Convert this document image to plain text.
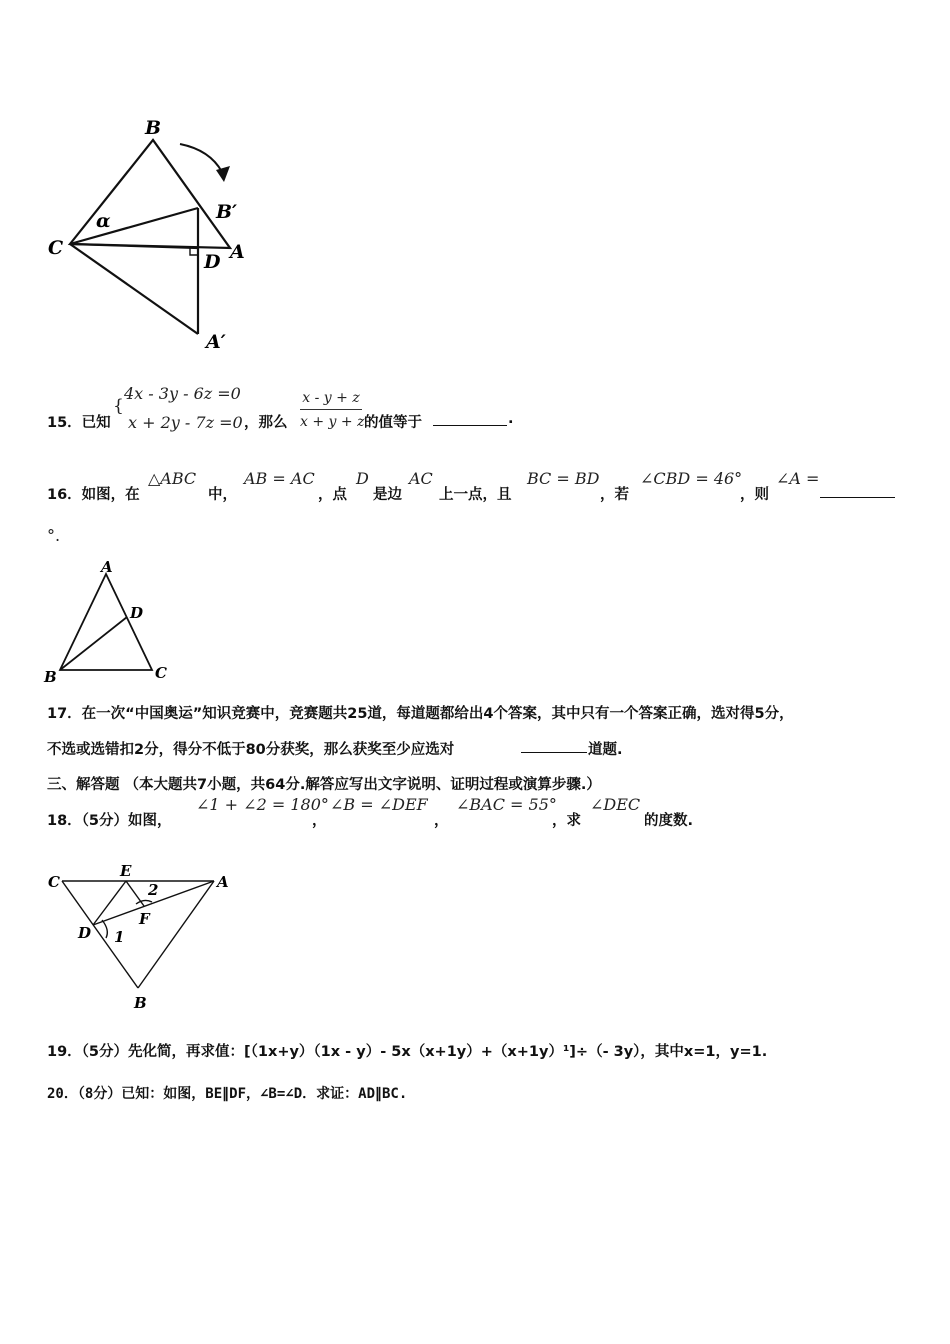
B
B′
C
D A
A′
α
15．已知
{
4x - 3y - 6z =0
x + 2y - 7z =0 ，那么
x - y + z
x + y + z 的值等于	.
16．如图，在
△ABC
中，
AB = AC
，点
D
是边
AC
上一点，且
BC = BD
，若
∠CBD = 46°
，则
∠A =
°.
A
D
B	C
17．在一次“中国奥运”知识竞赛中，竞赛题共25道，每道题都给出4个答案，其中只有一个答案正确，选对得5分，
不选或选错扣2分，得分不低于80分获奖，那么获奖至少应选对	道题.
三、解答题 （本大题共7小题，共64分.解答应写出文字说明、证明过程或演算步骤.）
18．（5分）如图，
∠1 + ∠2 = 180°
，
∠B = ∠DEF
，
∠BAC = 55°
，求
∠DEC
的度数.
C
E
A
2
F
D 1
B
19．（5分）先化简，再求值：[（1x+y）（1x - y）- 5x（x+1y）+（x+1y）¹]÷（- 3y），其中x=1，y=1.
20．（8分）已知：如图，BE∥DF，∠B=∠D．求证：AD∥BC.
